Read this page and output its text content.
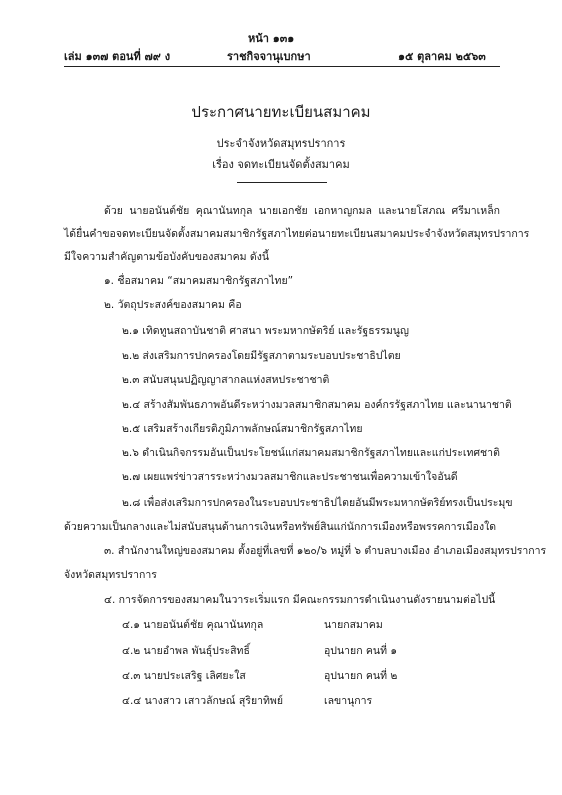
หน้า ๑๓๑
เล่ม ๑๓๗ ตอนที่ ๗๙ ง	ราชกิจจานุเบกษา	๑๕ ตุลาคม ๒๕๖๓
ประกาศนายทะเบียนสมาคม
ประจำจังหวัดสมุทรปราการ
เรื่อง จดทะเบียนจัดตั้งสมาคม
ด้วย นายอนันต์ชัย คุณานันทกุล นายเอกชัย เอกหาญกมล และนายโสภณ ศรีมาเหล็ก
ได้ยื่นคำขอจดทะเบียนจัดตั้งสมาคมสมาชิกรัฐสภาไทยต่อนายทะเบียนสมาคมประจำจังหวัดสมุทรปราการ
มีใจความสำคัญตามข้อบังคับของสมาคม ดังนี้
๑. ชื่อสมาคม “สมาคมสมาชิกรัฐสภาไทย”
๒. วัตถุประสงค์ของสมาคม คือ
๒.๑ เทิดทูนสถาบันชาติ ศาสนา พระมหากษัตริย์ และรัฐธรรมนูญ
๒.๒ ส่งเสริมการปกครองโดยมีรัฐสภาตามระบอบประชาธิปไตย
๒.๓ สนับสนุนปฏิญญาสากลแห่งสหประชาชาติ
๒.๔ สร้างสัมพันธภาพอันดีระหว่างมวลสมาชิกสมาคม องค์กรรัฐสภาไทย และนานาชาติ
๒.๕ เสริมสร้างเกียรติภูมิภาพลักษณ์สมาชิกรัฐสภาไทย
๒.๖ ดำเนินกิจกรรมอันเป็นประโยชน์แก่สมาคมสมาชิกรัฐสภาไทยและแก่ประเทศชาติ
๒.๗ เผยแพร่ข่าวสารระหว่างมวลสมาชิกและประชาชนเพื่อความเข้าใจอันดี
๒.๘ เพื่อส่งเสริมการปกครองในระบอบประชาธิปไตยอันมีพระมหากษัตริย์ทรงเป็นประมุข
ด้วยความเป็นกลางและไม่สนับสนุนด้านการเงินหรือทรัพย์สินแก่นักการเมืองหรือพรรคการเมืองใด
๓. สำนักงานใหญ่ของสมาคม ตั้งอยู่ที่เลขที่ ๑๒๐/๖ หมู่ที่ ๖ ตำบลบางเมือง อำเภอเมืองสมุทรปราการ
จังหวัดสมุทรปราการ
๔. การจัดการของสมาคมในวาระเริ่มแรก มีคณะกรรมการดำเนินงานดังรายนามต่อไปนี้
๔.๑ นายอนันต์ชัย คุณานันทกุล	นายกสมาคม
๔.๒ นายอำพล พันธุ์ประสิทธิ์	อุปนายก คนที่ ๑
๔.๓ นายประเสริฐ เลิศยะใส	อุปนายก คนที่ ๒
๔.๔ นางสาว เสาวลักษณ์ สุริยาทิพย์	เลขานุการ
